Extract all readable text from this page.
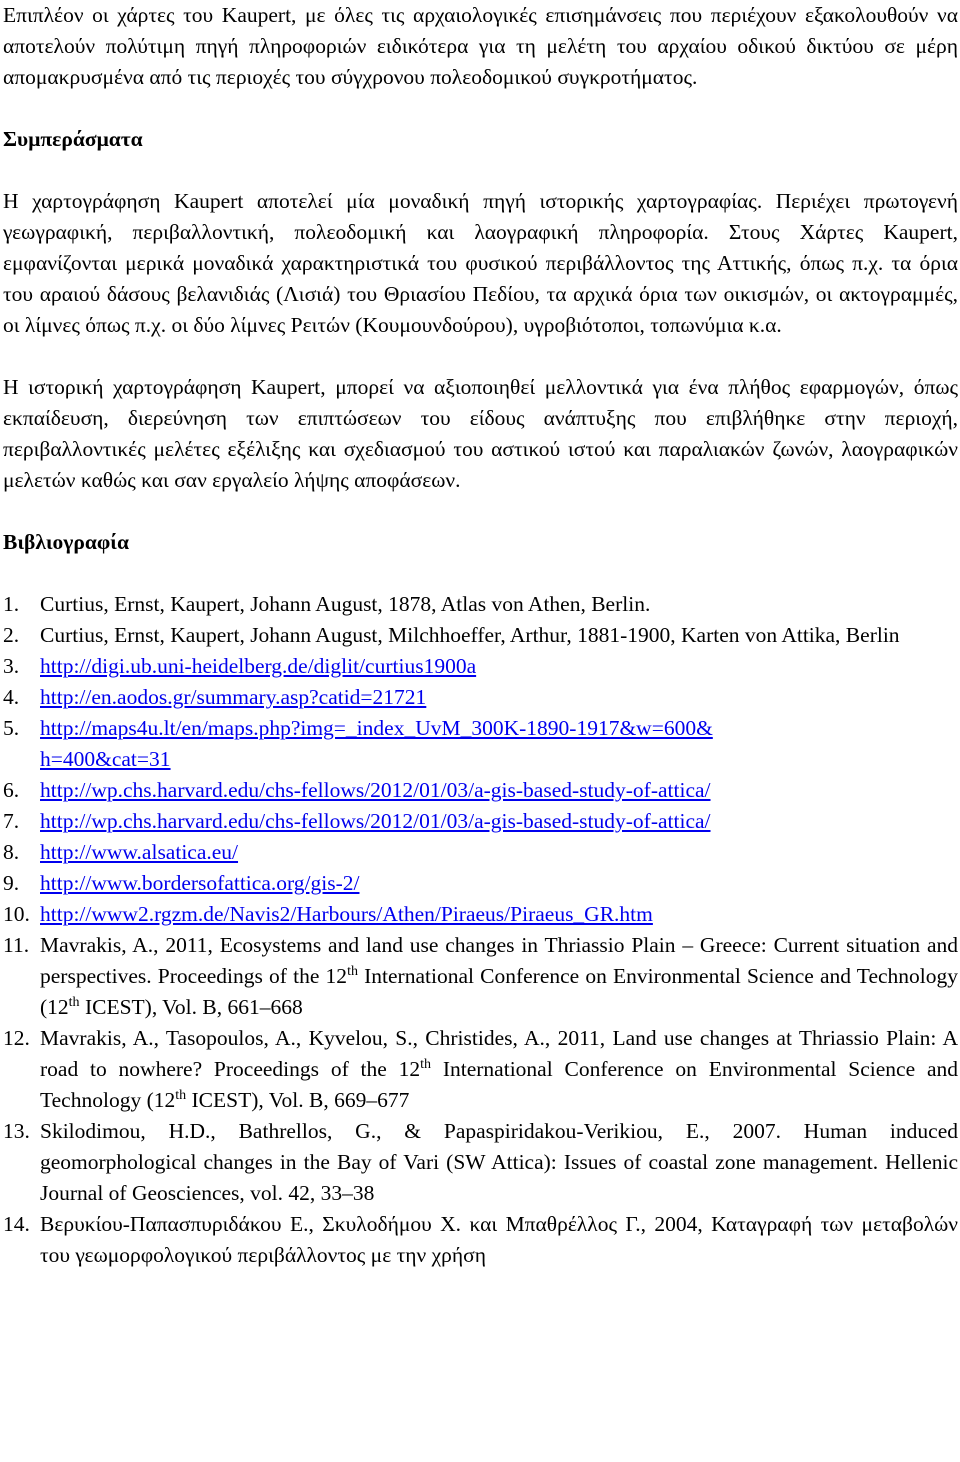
Επιπλέον οι χάρτες του Kaupert, με όλες τις αρχαιολογικές επισημάνσεις που περιέχουν εξακολουθούν να αποτελούν πολύτιμη πηγή πληροφοριών ειδικότερα για τη μελέτη του αρχαίου οδικού δικτύου σε μέρη απομακρυσμένα από τις περιοχές του σύγχρονου πολεοδομικού συγκροτήματος.

Συμπεράσματα

Η χαρτογράφηση Kaupert αποτελεί μία μοναδική πηγή ιστορικής χαρτογραφίας. Περιέχει πρωτογενή γεωγραφική, περιβαλλοντική, πολεοδομική και λαογραφική πληροφορία. Στους Χάρτες Kaupert, εμφανίζονται μερικά μοναδικά χαρακτηριστικά του φυσικού περιβάλλοντος της Αττικής, όπως π.χ. τα όρια του αραιού δάσους βελανιδιάς (Λισιά) του Θριασίου Πεδίου, τα αρχικά όρια των οικισμών, οι ακτογραμμές, οι λίμνες όπως π.χ. οι δύο λίμνες Ρειτών (Κουμουνδούρου), υγροβιότοποι, τοπωνύμια κ.α.

Η ιστορική χαρτογράφηση Kaupert, μπορεί να αξιοποιηθεί μελλοντικά για ένα πλήθος εφαρμογών, όπως εκπαίδευση, διερεύνηση των επιπτώσεων του είδους ανάπτυξης που επιβλήθηκε στην περιοχή, περιβαλλοντικές μελέτες εξέλιξης και σχεδιασμού του αστικού ιστού και παραλιακών ζωνών, λαογραφικών μελετών καθώς και σαν εργαλείο λήψης αποφάσεων.

Βιβλιογραφία

1. Curtius, Ernst, Kaupert, Johann August, 1878, Atlas von Athen, Berlin.
2. Curtius, Ernst, Kaupert, Johann August, Milchhoeffer, Arthur, 1881-1900, Karten von Attika, Berlin
3. http://digi.ub.uni-heidelberg.de/diglit/curtius1900a
4. http://en.aodos.gr/summary.asp?catid=21721
5. http://maps4u.lt/en/maps.php?img=_index_UvM_300K-1890-1917&w=600&h=400&cat=31
6. http://wp.chs.harvard.edu/chs-fellows/2012/01/03/a-gis-based-study-of-attica/
7. http://wp.chs.harvard.edu/chs-fellows/2012/01/03/a-gis-based-study-of-attica/
8. http://www.alsatica.eu/
9. http://www.bordersofattica.org/gis-2/
10. http://www2.rgzm.de/Navis2/Harbours/Athen/Piraeus/Piraeus_GR.htm
11. Mavrakis, A., 2011, Ecosystems and land use changes in Thriassio Plain – Greece: Current situation and perspectives. Proceedings of the 12th International Conference on Environmental Science and Technology (12th ICEST), Vol. B, 661–668
12. Mavrakis, A., Tasopoulos, A., Kyvelou, S., Christides, A., 2011, Land use changes at Thriassio Plain: A road to nowhere? Proceedings of the 12th International Conference on Environmental Science and Technology (12th ICEST), Vol. B, 669–677
13. Skilodimou, H.D., Bathrellos, G., & Papaspiridakou-Verikiou, E., 2007. Human induced geomorphological changes in the Bay of Vari (SW Attica): Issues of coastal zone management. Hellenic Journal of Geosciences, vol. 42, 33–38
14. Βερυκίου-Παπασπυριδάκου Ε., Σκυλοδήμου Χ. και Μπαθρέλλος Γ., 2004, Καταγραφή των μεταβολών του γεωμορφολογικού περιβάλλοντος με την χρήση
